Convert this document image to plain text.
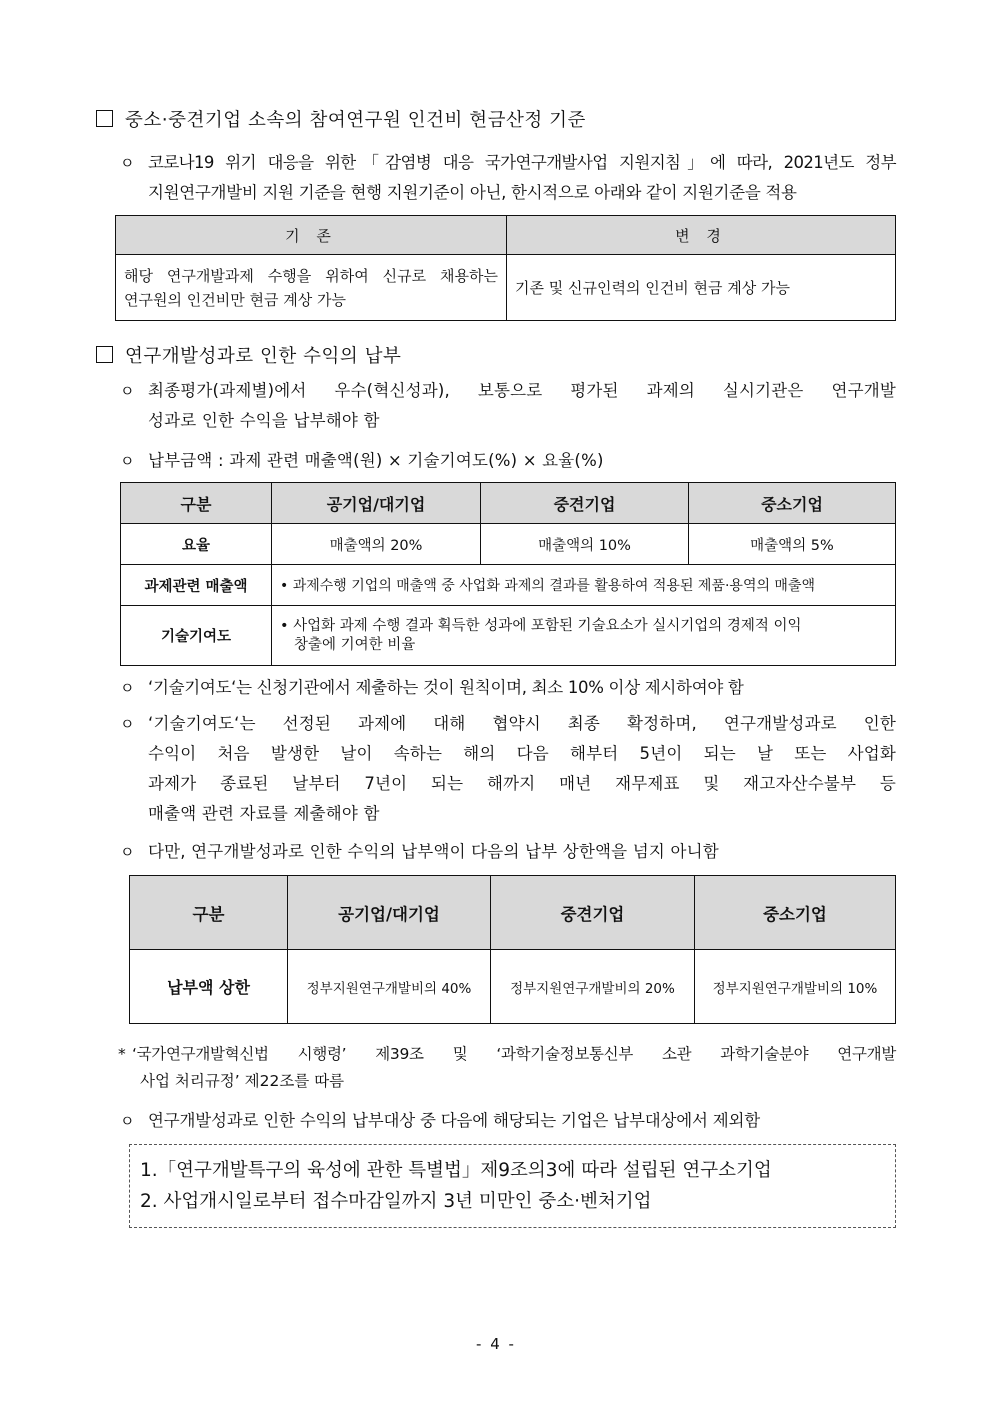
중소·중견기업 소속의 참여연구원 인건비 현금산정 기준
ㅇ 코로나19 위기 대응을 위한「감염병 대응 국가연구개발사업 지원지침」에 따라, 2021년도 정부
지원연구개발비 지원 기준을 현행 지원기준이 아닌, 한시적으로 아래와 같이 지원기준을 적용
기 존	변 경

해당 연구개발과제 수행을 위하여 신규로 채용하는
연구원의 인건비만 현금 계상 가능	기존 및 신규인력의 인건비 현금 계상 가능
연구개발성과로 인한 수익의 납부
ㅇ 최종평가(과제별)에서 우수(혁신성과), 보통으로 평가된 과제의 실시기관은 연구개발
성과로 인한 수익을 납부해야 함
ㅇ 납부금액 : 과제 관련 매출액(원) × 기술기여도(%) × 요율(%)
구분	공기업/대기업	중견기업	중소기업
요율	매출액의 20%	매출액의 10%	매출액의 5%
과제관련 매출액	• 과제수행 기업의 매출액 중 사업화 과제의 결과를 활용하여 적용된 제품·용역의 매출액		
기술기여도	• 사업화 과제 수행 결과 획득한 성과에 포함된 기술요소가 실시기업의 경제적 이익
창출에 기여한 비율		
ㅇ ‘기술기여도‘는 신청기관에서 제출하는 것이 원칙이며, 최소 10% 이상 제시하여야 함
ㅇ ‘기술기여도‘는 선정된 과제에 대해 협약시 최종 확정하며, 연구개발성과로 인한
수익이 처음 발생한 날이 속하는 해의 다음 해부터 5년이 되는 날 또는 사업화
과제가 종료된 날부터 7년이 되는 해까지 매년 재무제표 및 재고자산수불부 등
매출액 관련 자료를 제출해야 함
ㅇ 다만, 연구개발성과로 인한 수익의 납부액이 다음의 납부 상한액을 넘지 아니함
구분	공기업/대기업	중견기업	중소기업
납부액 상한	정부지원연구개발비의 40%	정부지원연구개발비의 20%	정부지원연구개발비의 10%
* ‘국가연구개발혁신법 시행령’ 제39조 및 ‘과학기술정보통신부 소관 과학기술분야 연구개발
사업 처리규정’ 제22조를 따름
ㅇ 연구개발성과로 인한 수익의 납부대상 중 다음에 해당되는 기업은 납부대상에서 제외함
1.「연구개발특구의 육성에 관한 특별법」제9조의3에 따라 설립된 연구소기업
2. 사업개시일로부터 접수마감일까지 3년 미만인 중소·벤처기업
- 4 -
